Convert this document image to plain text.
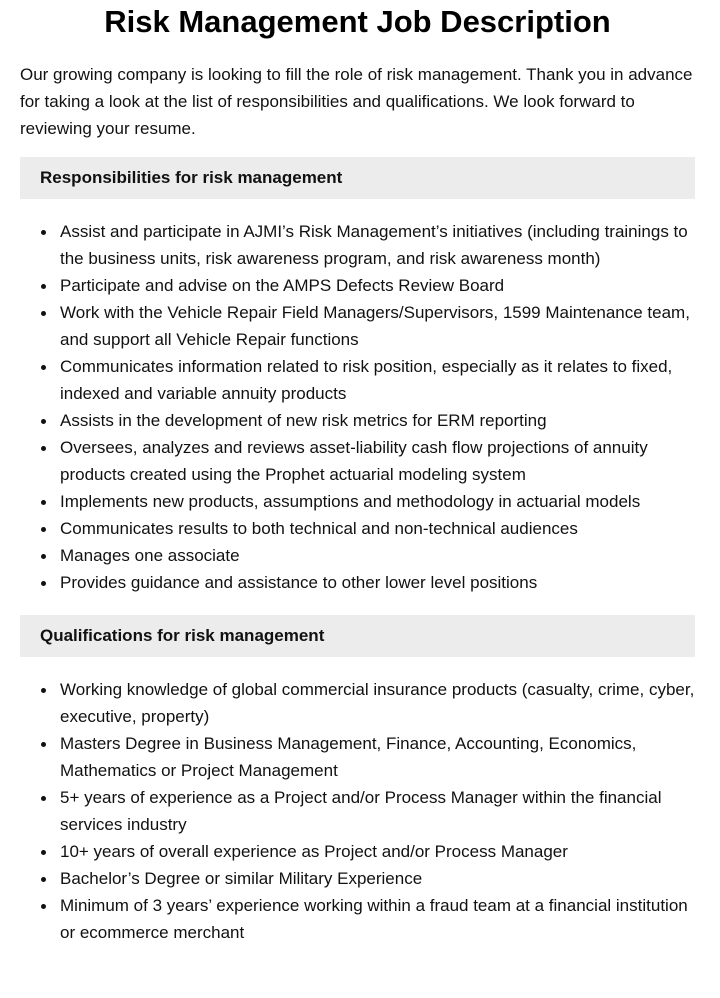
Risk Management Job Description

Our growing company is looking to fill the role of risk management. Thank you in advance for taking a look at the list of responsibilities and qualifications. We look forward to reviewing your resume.

Responsibilities for risk management
Assist and participate in AJMI’s Risk Management’s initiatives (including trainings to the business units, risk awareness program, and risk awareness month)
Participate and advise on the AMPS Defects Review Board
Work with the Vehicle Repair Field Managers/Supervisors, 1599 Maintenance team, and support all Vehicle Repair functions
Communicates information related to risk position, especially as it relates to fixed, indexed and variable annuity products
Assists in the development of new risk metrics for ERM reporting
Oversees, analyzes and reviews asset-liability cash flow projections of annuity products created using the Prophet actuarial modeling system
Implements new products, assumptions and methodology in actuarial models
Communicates results to both technical and non-technical audiences
Manages one associate
Provides guidance and assistance to other lower level positions
Qualifications for risk management
Working knowledge of global commercial insurance products (casualty, crime, cyber, executive, property)
Masters Degree in Business Management, Finance, Accounting, Economics, Mathematics or Project Management
5+ years of experience as a Project and/or Process Manager within the financial services industry
10+ years of overall experience as Project and/or Process Manager
Bachelor’s Degree or similar Military Experience
Minimum of 3 years’ experience working within a fraud team at a financial institution or ecommerce merchant
